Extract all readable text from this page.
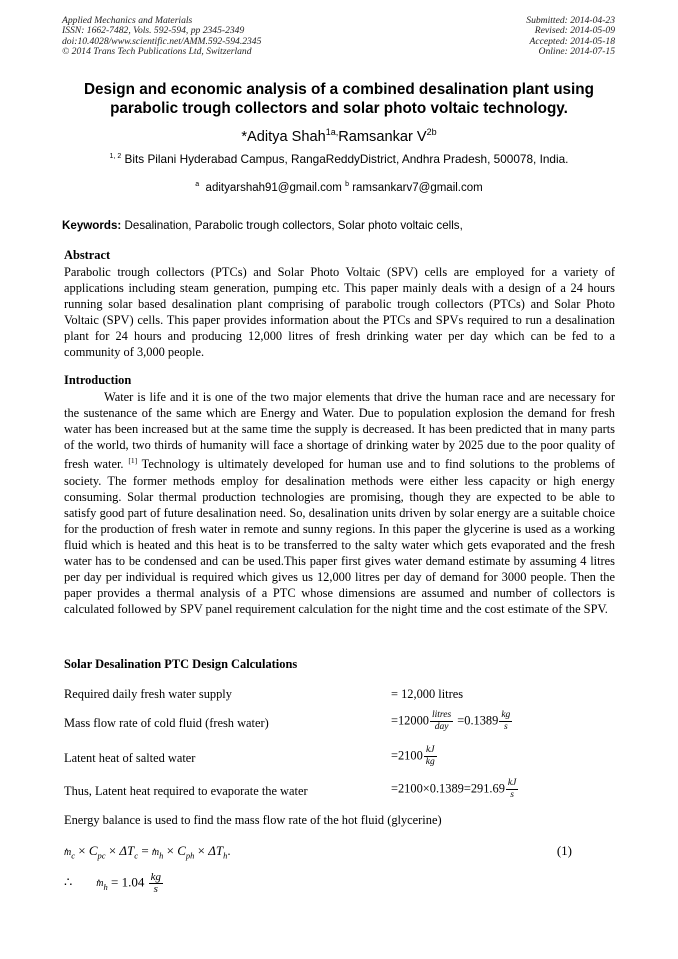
Applied Mechanics and Materials
ISSN: 1662-7482, Vols. 592-594, pp 2345-2349
doi:10.4028/www.scientific.net/AMM.592-594.2345
© 2014 Trans Tech Publications Ltd, Switzerland
Submitted: 2014-04-23
Revised: 2014-05-09
Accepted: 2014-05-18
Online: 2014-07-15
Design and economic analysis of a combined desalination plant using
parabolic trough collectors and solar photo voltaic technology.
*Aditya Shah$^{1a,}$Ramsankar $V^{2b}$
$^{1, 2}$ Bits Pilani Hyderabad Campus, RangaReddyDistrict, Andhra Pradesh, 500078, India.
$^a$ adityarshah91@gmail.com $^b$ ramsankarv7@gmail.com
Keywords: Desalination, Parabolic trough collectors, Solar photo voltaic cells,
Abstract
Parabolic trough collectors (PTCs) and Solar Photo Voltaic (SPV) cells are employed for a variety of applications including steam generation, pumping etc. This paper mainly deals with a design of a 24 hours running solar based desalination plant comprising of parabolic trough collectors (PTCs) and Solar Photo Voltaic (SPV) cells. This paper provides information about the PTCs and SPVs required to run a desalination plant for 24 hours and producing 12,000 litres of fresh drinking water per day which can be fed to a community of 3,000 people.
Introduction
Water is life and it is one of the two major elements that drive the human race and are necessary for the sustenance of the same which are Energy and Water. Due to population explosion the demand for fresh water has been increased but at the same time the supply is decreased. It has been predicted that in many parts of the world, two thirds of humanity will face a shortage of drinking water by 2025 due to the poor quality of fresh water. [1] Technology is ultimately developed for human use and to find solutions to the problems of society. The former methods employ for desalination methods were either less capacity or high energy consuming. Solar thermal production technologies are promising, though they are expected to be able to satisfy good part of future desalination need. So, desalination units driven by solar energy are a suitable choice for the production of fresh water in remote and sunny regions. In this paper the glycerine is used as a working fluid which is heated and this heat is to be transferred to the salty water which gets evaporated and the fresh water has to be condensed and can be used.This paper first gives water demand estimate by assuming 4 litres per day per individual is required which gives us 12,000 litres per day of demand for 3000 people. Then the paper provides a thermal analysis of a PTC whose dimensions are assumed and number of collectors is calculated followed by SPV panel requirement calculation for the night time and the cost estimate of the SPV.
Solar Desalination PTC Design Calculations
Required daily fresh water supply	= 12,000 litres
Mass flow rate of cold fluid (fresh water)	$=12000 \frac{\text{litres}}{\text{day}} =0.1389 \frac{kg}{s}$
Latent heat of salted water	$=2100 \frac{kJ}{kg}$
Thus, Latent heat required to evaporate the water	$=2100\times 0.1389=291.69 \frac{kJ}{s}$
Energy balance is used to find the mass flow rate of the hot fluid (glycerine)
. $m_c \times C_{pc} \times \Delta T_c$ = . $m_h \times C_{ph} \times \Delta T_h$.	(1)
∴. $m_h = 1.04 \frac{kg}{s}$
